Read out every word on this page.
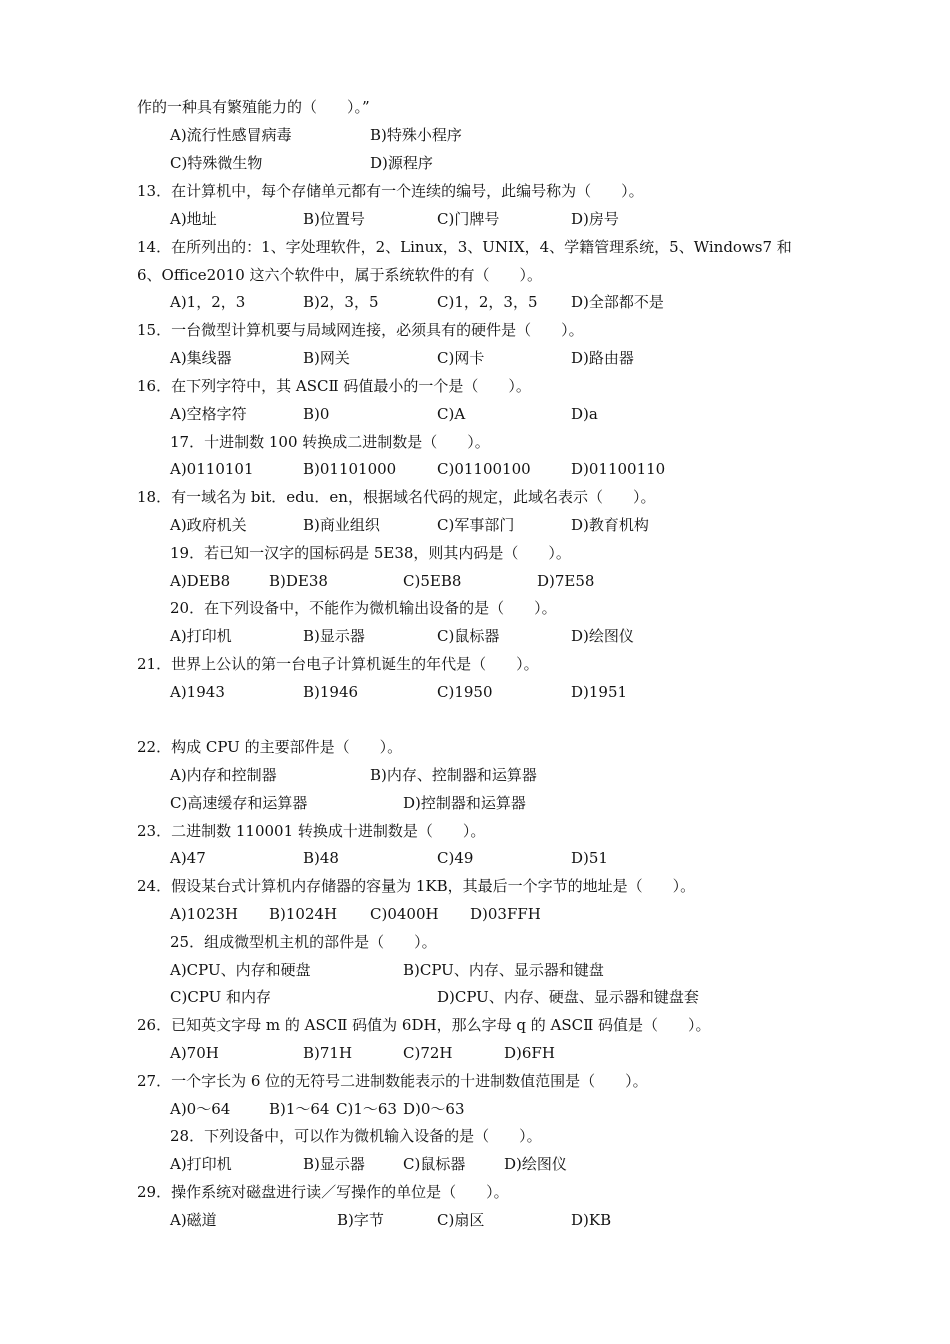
作的一种具有繁殖能力的（　　）。”
A)流行性感冒病毒	B)特殊小程序
C)特殊微生物	D)源程序
13．在计算机中，每个存储单元都有一个连续的编号，此编号称为（　　）。
A)地址	B)位置号	C)门牌号	D)房号
14．在所列出的：1、字处理软件，2、Linux，3、UNIX，4、学籍管理系统，5、Windows7 和
6、Office2010 这六个软件中，属于系统软件的有（　　）。
A)1，2，3	B)2，3，5	C)1，2，3，5 D)全部都不是
15．一台微型计算机要与局域网连接，必须具有的硬件是（　　）。
A)集线器	B)网关	C)网卡	D)路由器
16．在下列字符中，其 ASCⅡ 码值最小的一个是（　　）。
A)空格字符	B)0	C)A	D)a
17．十进制数 100 转换成二进制数是（　　）。
A)0110101	B)01101000	C)01100100	D)01100110
18．有一域名为 bit．edu．en，根据域名代码的规定，此域名表示（　　）。
A)政府机关	B)商业组织	C)军事部门	D)教育机构
19．若已知一汉字的国标码是 5E38，则其内码是（　　）。
A)DEB8	B)DE38	C)5EB8	D)7E58
20．在下列设备中，不能作为微机输出设备的是（　　）。
A)打印机	B)显示器	C)鼠标器	D)绘图仪
21．世界上公认的第一台电子计算机诞生的年代是（　　）。
A)1943	B)1946	C)1950	D)1951
22．构成 CPU 的主要部件是（　　）。
A)内存和控制器	B)内存、控制器和运算器
C)高速缓存和运算器	D)控制器和运算器
23．二进制数 110001 转换成十进制数是（　　）。
A)47	B)48	C)49	D)51
24．假设某台式计算机内存储器的容量为 1KB，其最后一个字节的地址是（　　）。
A)1023H B)1024H C)0400H D)03FFH
25．组成微型机主机的部件是（　　）。
A)CPU、内存和硬盘	B)CPU、内存、显示器和键盘
C)CPU 和内存	D)CPU、内存、硬盘、显示器和键盘套
26．已知英文字母 m 的 ASCⅡ 码值为 6DH，那么字母 q 的 ASCⅡ 码值是（　　）。
A)70H	B)71H	C)72H	D)6FH
27．一个字长为 6 位的无符号二进制数能表示的十进制数值范围是（　　）。
A)0～64	B)1～64 C)1～63 D)0～63
28．下列设备中，可以作为微机输入设备的是（　　）。
A)打印机	B)显示器	C)鼠标器	D)绘图仪
29．操作系统对磁盘进行读／写操作的单位是（　　）。
A)磁道	B)字节	C)扇区	D)KB
